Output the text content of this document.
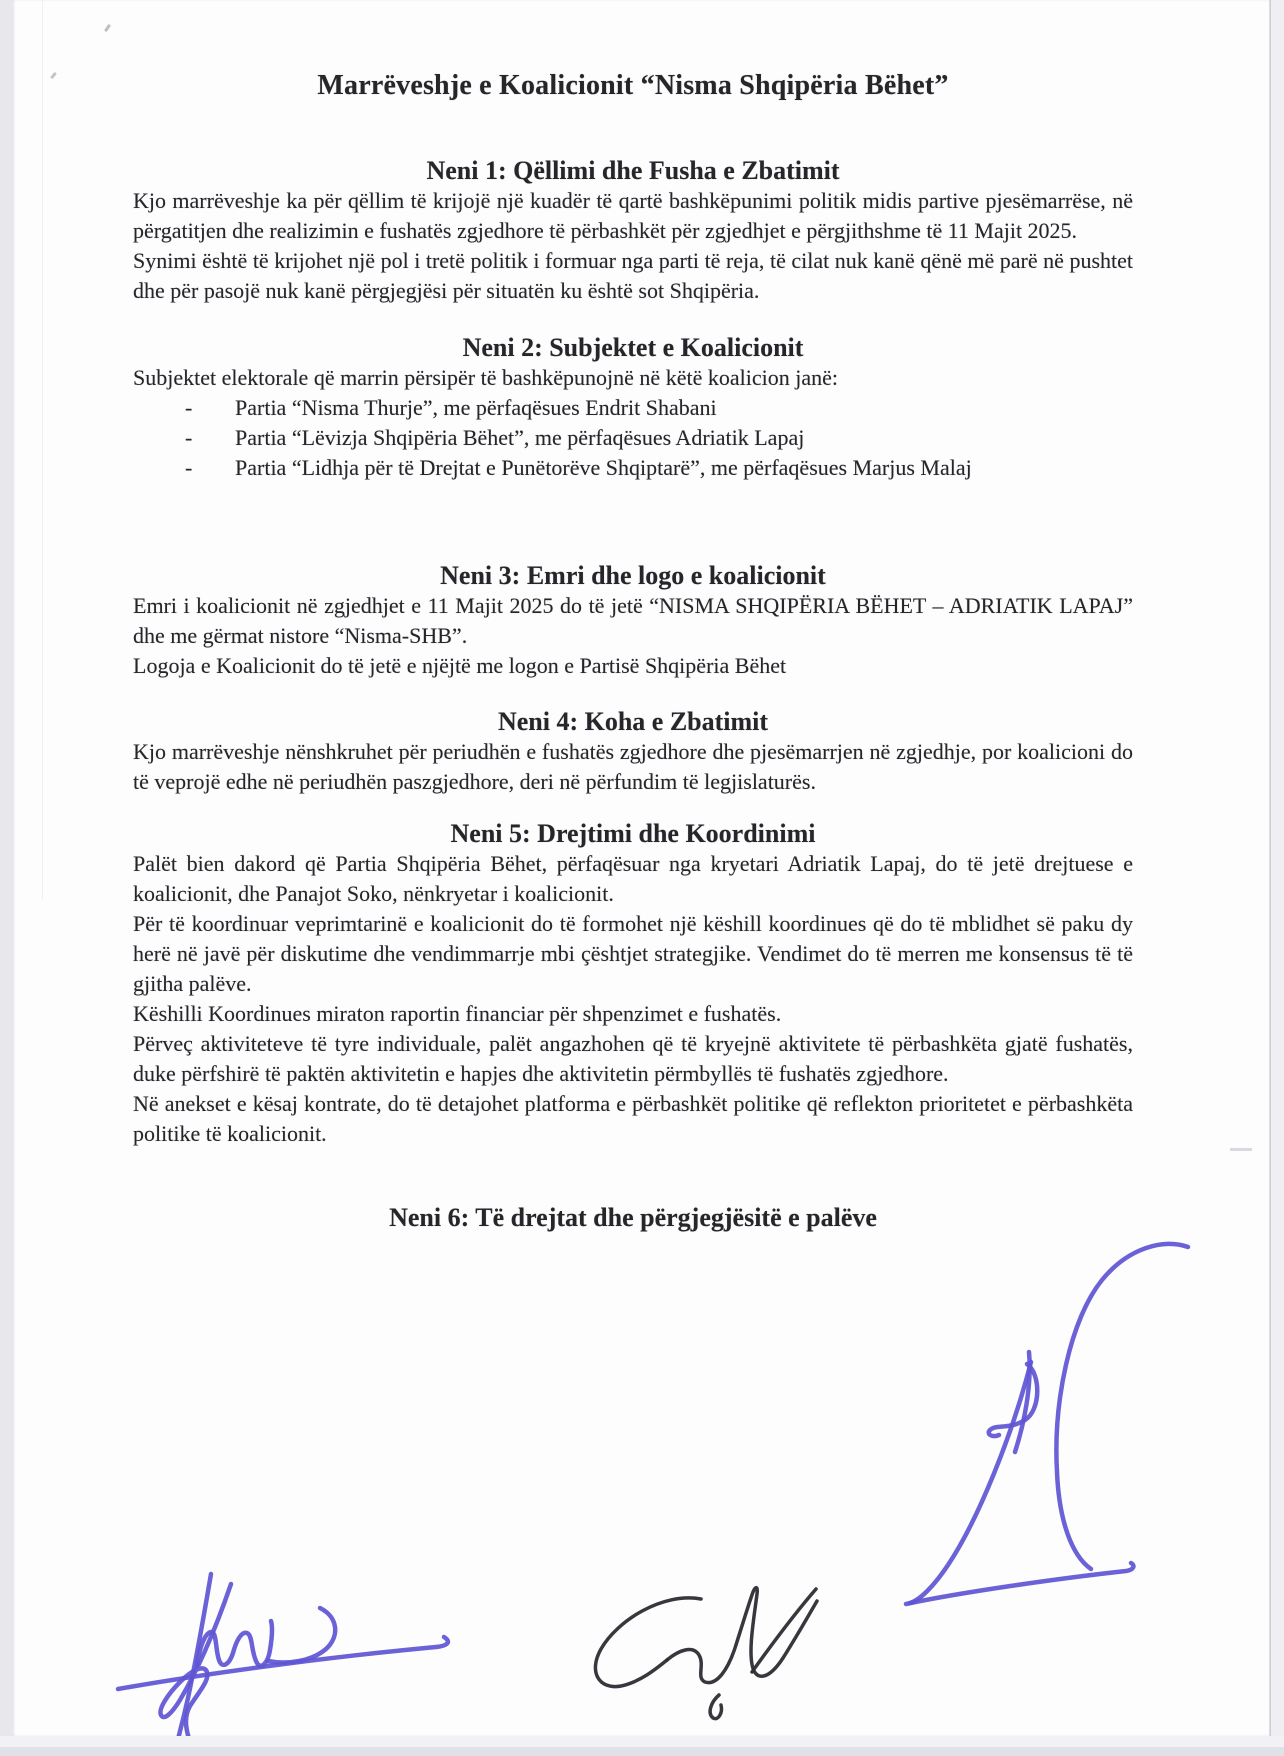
Marrëveshje e Koalicionit “Nisma Shqipëria Bëhet”
Neni 1: Qëllimi dhe Fusha e Zbatimit

Kjo marrëveshje ka për qëllim të krijojë një kuadër të qartë bashkëpunimi politik midis partive pjesëmarrëse, në përgatitjen dhe realizimin e fushatës zgjedhore të përbashkët për zgjedhjet e përgjithshme të 11 Majit 2025.

Synimi është të krijohet një pol i tretë politik i formuar nga parti të reja, të cilat nuk kanë qënë më parë në pushtet dhe për pasojë nuk kanë përgjegjësi për situatën ku është sot Shqipëria.

Neni 2: Subjektet e Koalicionit

Subjektet elektorale që marrin përsipër të bashkëpunojnë në këtë koalicion janë:

- Partia “Nisma Thurje”, me përfaqësues Endrit Shabani
- Partia “Lëvizja Shqipëria Bëhet”, me përfaqësues Adriatik Lapaj
- Partia “Lidhja për të Drejtat e Punëtorëve Shqiptarë”, me përfaqësues Marjus Malaj
Neni 3: Emri dhe logo e koalicionit

Emri i koalicionit në zgjedhjet e 11 Majit 2025 do të jetë “NISMA SHQIPËRIA BËHET – ADRIATIK LAPAJ” dhe me gërmat nistore “Nisma-SHB”.

Logoja e Koalicionit do të jetë e njëjtë me logon e Partisë Shqipëria Bëhet

Neni 4: Koha e Zbatimit

Kjo marrëveshje nënshkruhet për periudhën e fushatës zgjedhore dhe pjesëmarrjen në zgjedhje, por koalicioni do të veprojë edhe në periudhën paszgjedhore, deri në përfundim të legjislaturës.

Neni 5: Drejtimi dhe Koordinimi

Palët bien dakord që Partia Shqipëria Bëhet, përfaqësuar nga kryetari Adriatik Lapaj, do të jetë drejtuese e koalicionit, dhe Panajot Soko, nënkryetar i koalicionit.

Për të koordinuar veprimtarinë e koalicionit do të formohet një këshill koordinues që do të mblidhet së paku dy herë në javë për diskutime dhe vendimmarrje mbi çështjet strategjike. Vendimet do të merren me konsensus të të gjitha palëve.

Këshilli Koordinues miraton raportin financiar për shpenzimet e fushatës.

Përveç aktiviteteve të tyre individuale, palët angazhohen që të kryejnë aktivitete të përbashkëta gjatë fushatës, duke përfshirë të paktën aktivitetin e hapjes dhe aktivitetin përmbyllës të fushatës zgjedhore.

Në anekset e kësaj kontrate, do të detajohet platforma e përbashkët politike që reflekton prioritetet e përbashkëta politike të koalicionit.

Neni 6: Të drejtat dhe përgjegjësitë e palëve
